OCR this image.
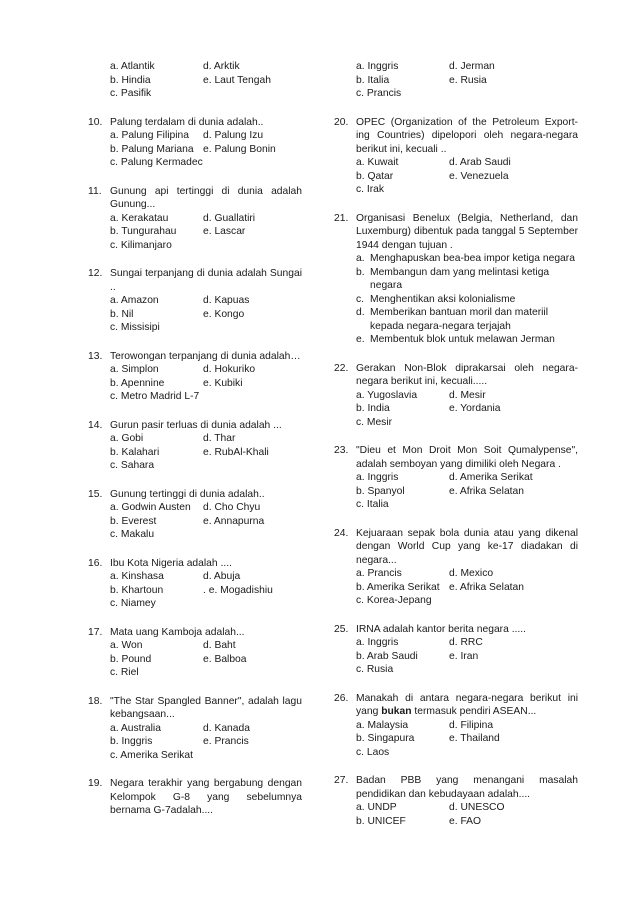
a. Atlantik	d. Arktik
b. Hindia	e. Laut Tengah
c. Pasifik
10. Palung terdalam di dunia adalah..
a. Palung Filipina	d. Palung Izu
b. Palung Mariana e. Palung Bonin
c. Palung Kermadec
11. Gunung api tertinggi di dunia adalah Gunung...
a. Kerakatau	d. Guallatiri
b. Tungurahau	e. Lascar
c. Kilimanjaro
12. Sungai terpanjang di dunia adalah Sungai ..
a. Amazon	d. Kapuas
b. Nil	e. Kongo
c. Missisipi
13. Terowongan terpanjang di dunia adalah…
a. Simplon	d. Hokuriko
b. Apennine	e. Kubiki
c. Metro Madrid L-7
14. Gurun pasir terluas di dunia adalah ...
a. Gobi	d. Thar
b. Kalahari	e. RubAl-Khali
c. Sahara
15. Gunung tertinggi di dunia adalah..
a. Godwin Austen	d. Cho Chyu
b. Everest	e. Annapurna
c. Makalu
16. Ibu Kota Nigeria adalah ....
a. Kinshasa	d. Abuja
b. Khartoun	. e. Mogadishiu
c. Niamey
17. Mata uang Kamboja adalah...
a. Won	d. Baht
b. Pound	e. Balboa
c. Riel
18. "The Star Spangled Banner", adalah lagu kebangsaan...
a. Australia	d. Kanada
b. Inggris	e. Prancis
c. Amerika Serikat
19. Negara terakhir yang bergabung dengan Kelompok G-8 yang sebelumnya bernama G-7adalah....
a. Inggris	d. Jerman
b. Italia	e. Rusia
c. Prancis
20. OPEC (Organization of the Petroleum Export-ing Countries) dipelopori oleh negara-negara berikut ini, kecuali ..
a. Kuwait	d. Arab Saudi
b. Qatar	e. Venezuela
c. Irak
21. Organisasi Benelux (Belgia, Netherland, dan Luxemburg) dibentuk pada tanggal 5 September 1944 dengan tujuan .
a. Menghapuskan bea-bea impor ketiga negara
b. Membangun dam yang melintasi ketiga negara
c. Menghentikan aksi kolonialisme
d. Memberikan bantuan moril dan materiil kepada negara-negara terjajah
e. Membentuk blok untuk melawan Jerman
22. Gerakan Non-Blok diprakarsai oleh negara-negara berikut ini, kecuali.....
a. Yugoslavia	d. Mesir
b. India	e. Yordania
c. Mesir
23. "Dieu et Mon Droit Mon Soit Qumalypense", adalah semboyan yang dimiliki oleh Negara .
a. Inggris	d. Amerika Serikat
b. Spanyol	e. Afrika Selatan
c. Italia
24. Kejuaraan sepak bola dunia atau yang dikenal dengan World Cup yang ke-17 diadakan di negara...
a. Prancis	d. Mexico
b. Amerika Serikat e. Afrika Selatan
c. Korea-Jepang
25. IRNA adalah kantor berita negara .....
a. Inggris	d. RRC
b. Arab Saudi	e. Iran
c. Rusia
26. Manakah di antara negara-negara berikut ini yang bukan termasuk pendiri ASEAN...
a. Malaysia	d. Filipina
b. Singapura	e. Thailand
c. Laos
27. Badan PBB yang menangani masalah pendidikan dan kebudayaan adalah....
a. UNDP	d. UNESCO
b. UNICEF	e. FAO
